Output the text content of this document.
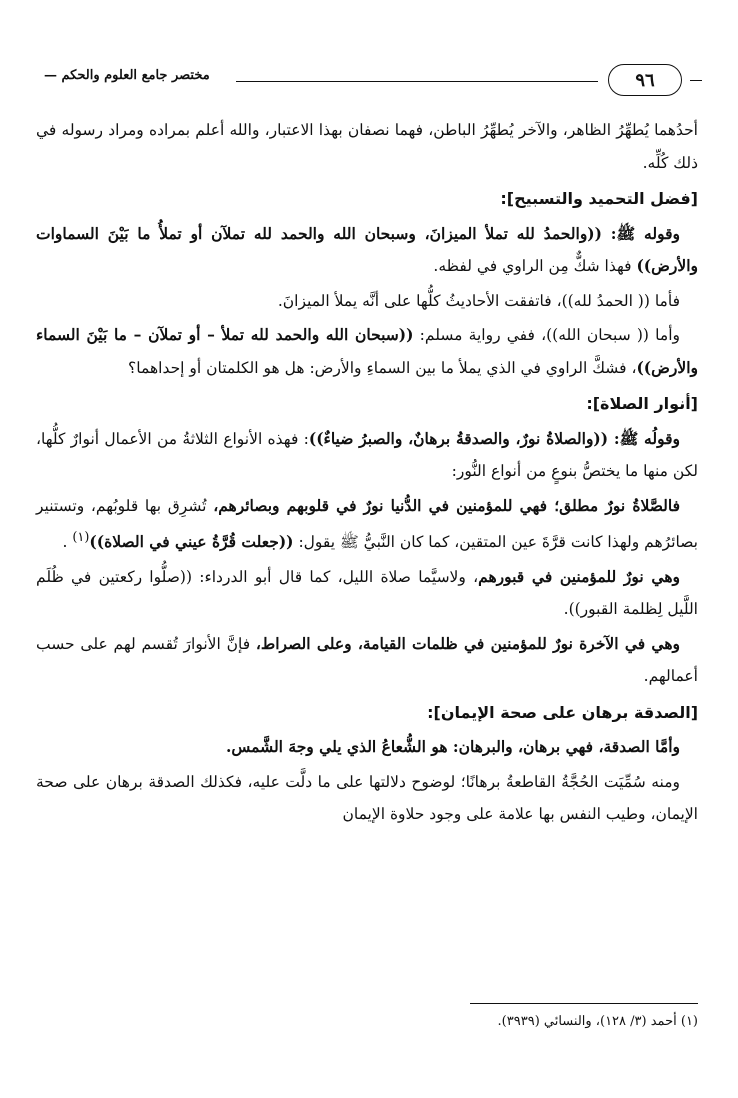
مختصر جامع العلوم والحكم —	٩٦

أحدُهما يُطهِّرُ الظاهر، والآخر يُطهِّرُ الباطن، فهما نصفان بهذا الاعتبار، والله أعلم بمراده ومراد رسوله في ذلك كُلِّه.

[فضل التحميد والتسبيح]:

وقوله ﷺ: ((والحمدُ لله تملأ الميزانَ، وسبحان الله والحمد لله تملآن أو تملأُ ما بَيْنَ السماوات والأرض)) فهذا شكٌّ مِن الراوي في لفظه.

فأما (( الحمدُ لله))، فاتفقت الأحاديثُ كلُّها على أنَّه يملأ الميزانَ.

وأما (( سبحان الله))، ففي رواية مسلم: ((سبحان الله والحمد لله تملأ – أو تملآن – ما بَيْنَ السماء والأرض))، فشكَّ الراوي في الذي يملأ ما بين السماءِ والأرض: هل هو الكلمتان أو إحداهما؟

[أنوار الصلاة]:

وقولُه ﷺ: ((والصلاةُ نورٌ، والصدقةُ برهانٌ، والصبرُ ضياءٌ)): فهذه الأنواع الثلاثةُ من الأعمال أنوارٌ كلُّها، لكن منها ما يختصُّ بنوعٍ من أنواع النُّور:

فالصَّلاةُ نورٌ مطلق؛ فهي للمؤمنين في الدُّنيا نورٌ في قلوبهم وبصائرهم، تُشرِق بها قلوبُهم، وتستنير بصائرُهم ولهذا كانت قرَّةَ عين المتقين، كما كان النَّبيُّ ﷺ يقول: ((جعلت قُرَّةُ عيني في الصلاة))$^{(١)}$ .

وهي نورٌ للمؤمنين في قبورهم، ولاسيَّما صلاة الليل، كما قال أبو الدرداء: ((صلُّوا ركعتين في ظُلَم اللَّيل لِظلمة القبور)).

وهي في الآخرة نورٌ للمؤمنين في ظلمات القيامة، وعلى الصراط، فإنَّ الأنوارَ تُقسم لهم على حسب أعمالهم.

[الصدقة برهان على صحة الإيمان]:

وأمَّا الصدقة، فهي برهان، والبرهان: هو الشُّعاعُ الذي يلي وجهَ الشَّمس.

ومنه سُمِّيَت الحُجَّةُ القاطعةُ برهانًا؛ لوضوح دلالتها على ما دلَّت عليه، فكذلك الصدقة برهان على صحة الإيمان، وطيب النفس بها علامة على وجود حلاوة الإيمان

(١) أحمد (٣/ ١٢٨)، والنسائي (٣٩٣٩).
